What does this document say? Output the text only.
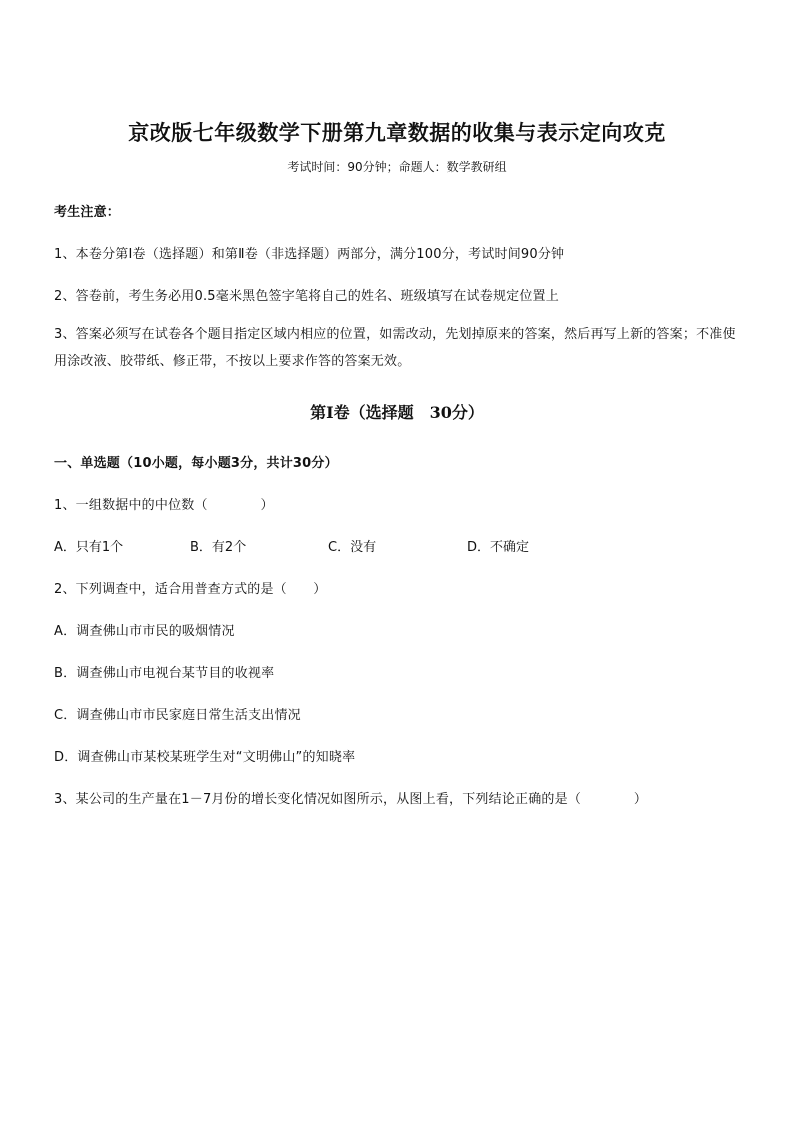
京改版七年级数学下册第九章数据的收集与表示定向攻克
考试时间：90分钟；命题人：数学教研组
考生注意：
1、本卷分第Ⅰ卷（选择题）和第Ⅱ卷（非选择题）两部分，满分100分，考试时间90分钟
2、答卷前，考生务必用0.5毫米黑色签字笔将自己的姓名、班级填写在试卷规定位置上
3、答案必须写在试卷各个题目指定区域内相应的位置，如需改动，先划掉原来的答案，然后再写上新的答案；不准使用涂改液、胶带纸、修正带，不按以上要求作答的答案无效。
第Ⅰ卷（选择题　30分）
一、单选题（10小题，每小题3分，共计30分）
1、一组数据中的中位数（　　　　）
A．只有1个	B．有2个	C．没有	D．不确定
2、下列调查中，适合用普查方式的是（　　）
A．调查佛山市市民的吸烟情况
B．调查佛山市电视台某节目的收视率
C．调查佛山市市民家庭日常生活支出情况
D．调查佛山市某校某班学生对“文明佛山”的知晓率
3、某公司的生产量在1－7月份的增长变化情况如图所示，从图上看，下列结论正确的是（　　　　）
